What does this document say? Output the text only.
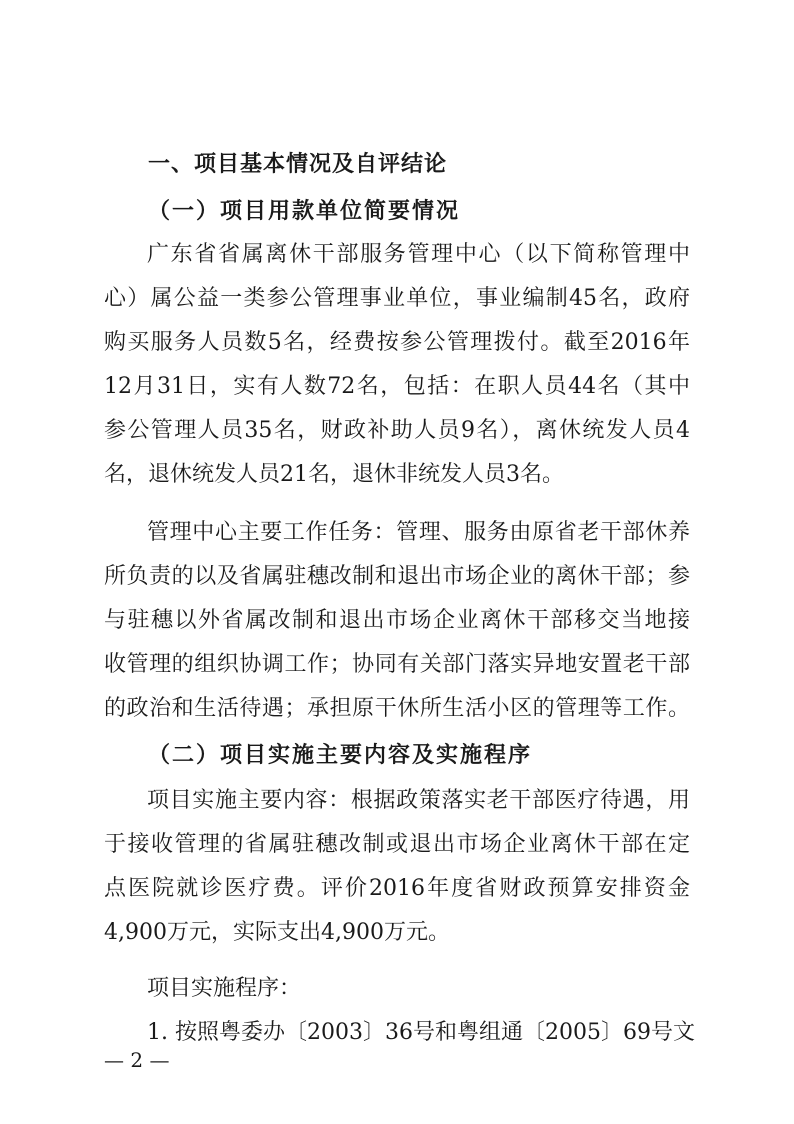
一、项目基本情况及自评结论
（一）项目用款单位简要情况
广东省省属离休干部服务管理中心（以下简称管理中
心）属公益一类参公管理事业单位，事业编制45名，政府
购买服务人员数5名，经费按参公管理拨付。截至2016年
12月31日，实有人数72名，包括：在职人员44名（其中
参公管理人员35名，财政补助人员9名），离休统发人员4
名，退休统发人员21名，退休非统发人员3名。
管理中心主要工作任务：管理、服务由原省老干部休养
所负责的以及省属驻穗改制和退出市场企业的离休干部；参
与驻穗以外省属改制和退出市场企业离休干部移交当地接
收管理的组织协调工作；协同有关部门落实异地安置老干部
的政治和生活待遇；承担原干休所生活小区的管理等工作。
（二）项目实施主要内容及实施程序
项目实施主要内容：根据政策落实老干部医疗待遇，用
于接收管理的省属驻穗改制或退出市场企业离休干部在定
点医院就诊医疗费。评价2016年度省财政预算安排资金
4,900万元，实际支出4,900万元。
项目实施程序：
1. 按照粤委办〔2003〕36号和粤组通〔2005〕69号文
— 2 —
